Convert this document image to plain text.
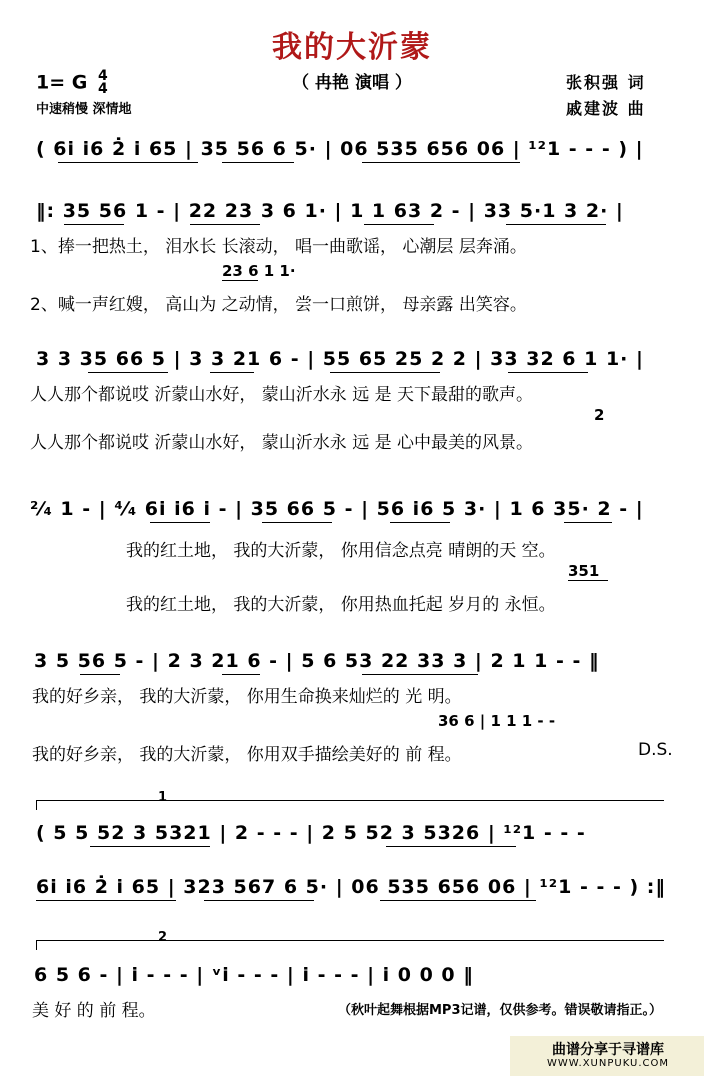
我的大沂蒙
（ 冉艳 演唱 ）
1= G 4
4
中速稍慢 深情地
张积强 词
戚建波 曲
( 6i i6 2̇ i 65 | 35 56 6 5· | 06 535 656 06 | ¹²1 - - - ) |
‖: 35 56 1 - | 22 23 3 6 1· | 1 1 63 2 - | 33 5·1 3 2· |
1、捧一把热土， 泪水长 长滚动， 唱一曲歌谣， 心潮层 层奔涌。
23 6 1 1·
2、喊一声红嫂， 高山为 之动情， 尝一口煎饼， 母亲露 出笑容。
3 3 35 66 5 | 3 3 21 6 - | 55 65 25 2 2 | 33 32 6 1 1· |
人人那个都说哎 沂蒙山水好， 蒙山沂水永 远 是 天下最甜的歌声。
2
人人那个都说哎 沂蒙山水好， 蒙山沂水永 远 是 心中最美的风景。
²⁄₄ 1 - | ⁴⁄₄ 6i i6 i - | 35 66 5 - | 56 i6 5 3· | 1 6 35· 2 - |
我的红土地， 我的大沂蒙， 你用信念点亮 晴朗的天 空。
351
我的红土地， 我的大沂蒙， 你用热血托起 岁月的 永恒。
3 5 56 5 - | 2 3 21 6 - | 5 6 53 22 33 3 | 2 1 1 - - ‖
我的好乡亲， 我的大沂蒙， 你用生命换来灿烂的 光 明。
36 6 | 1 1 1 - -
我的好乡亲， 我的大沂蒙， 你用双手描绘美好的 前 程。	D.S.
1
( 5 5 52 3 5321 | 2 - - - | 2 5 52 3 5326 | ¹²1 - - -
6i i6 2̇ i 65 | 323 567 6 5· | 06 535 656 06 | ¹²1 - - - ) :‖
2
6 5 6 - | i - - - | ᵛi - - - | i - - - | i 0 0 0 ‖
美 好 的 前 程。	（秋叶起舞根据MP3记谱，仅供参考。错误敬请指正。）
曲谱分享于寻谱库
WWW.XUNPUKU.COM
